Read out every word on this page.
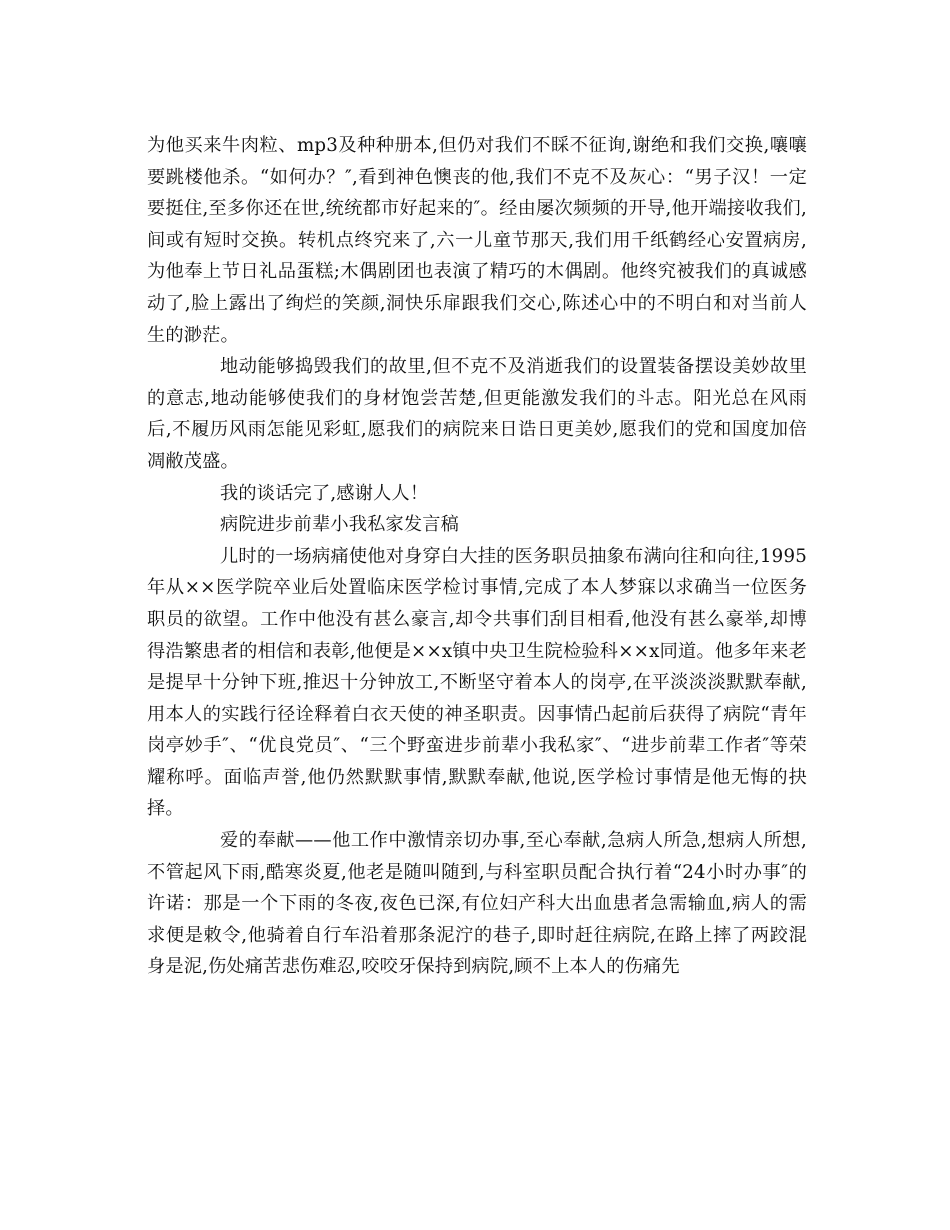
为他买来牛肉粒、mp3及种种册本,但仍对我们不睬不征询,谢绝和我们交换,嚷嚷要跳楼他杀。“如何办？″,看到神色懊丧的他,我们不克不及灰心：“男子汉！一定要挺住,至多你还在世,统统都市好起来的″。经由屡次频频的开导,他开端接收我们,间或有短时交换。转机点终究来了,六一儿童节那天,我们用千纸鹤经心安置病房,为他奉上节日礼品蛋糕;木偶剧团也表演了精巧的木偶剧。他终究被我们的真诚感动了,脸上露出了绚烂的笑颜,洞快乐扉跟我们交心,陈述心中的不明白和对当前人生的渺茫。

地动能够捣毁我们的故里,但不克不及消逝我们的设置装备摆设美妙故里的意志,地动能够使我们的身材饱尝苦楚,但更能激发我们的斗志。阳光总在风雨后,不履历风雨怎能见彩虹,愿我们的病院来日诰日更美妙,愿我们的党和国度加倍凋敝茂盛。

我的谈话完了,感谢人人！

病院进步前辈小我私家发言稿

儿时的一场病痛使他对身穿白大挂的医务职员抽象布满向往和向往,1995年从××医学院卒业后处置临床医学检讨事情,完成了本人梦寐以求确当一位医务职员的欲望。工作中他没有甚么豪言,却令共事们刮目相看,他没有甚么豪举,却博得浩繁患者的相信和表彰,他便是××x镇中央卫生院检验科××x同道。他多年来老是提早十分钟下班,推迟十分钟放工,不断坚守着本人的岗亭,在平淡淡淡默默奉献,用本人的实践行径诠释着白衣天使的神圣职责。因事情凸起前后获得了病院“青年岗亭妙手″、“优良党员″、“三个野蛮进步前辈小我私家″、“进步前辈工作者″等荣耀称呼。面临声誉,他仍然默默事情,默默奉献,他说,医学检讨事情是他无悔的抉择。

爱的奉献——他工作中激情亲切办事,至心奉献,急病人所急,想病人所想,不管起风下雨,酷寒炎夏,他老是随叫随到,与科室职员配合执行着“24小时办事″的许诺：那是一个下雨的冬夜,夜色已深,有位妇产科大出血患者急需输血,病人的需求便是敕令,他骑着自行车沿着那条泥泞的巷子,即时赶往病院,在路上摔了两跤混身是泥,伤处痛苦悲伤难忍,咬咬牙保持到病院,顾不上本人的伤痛先
